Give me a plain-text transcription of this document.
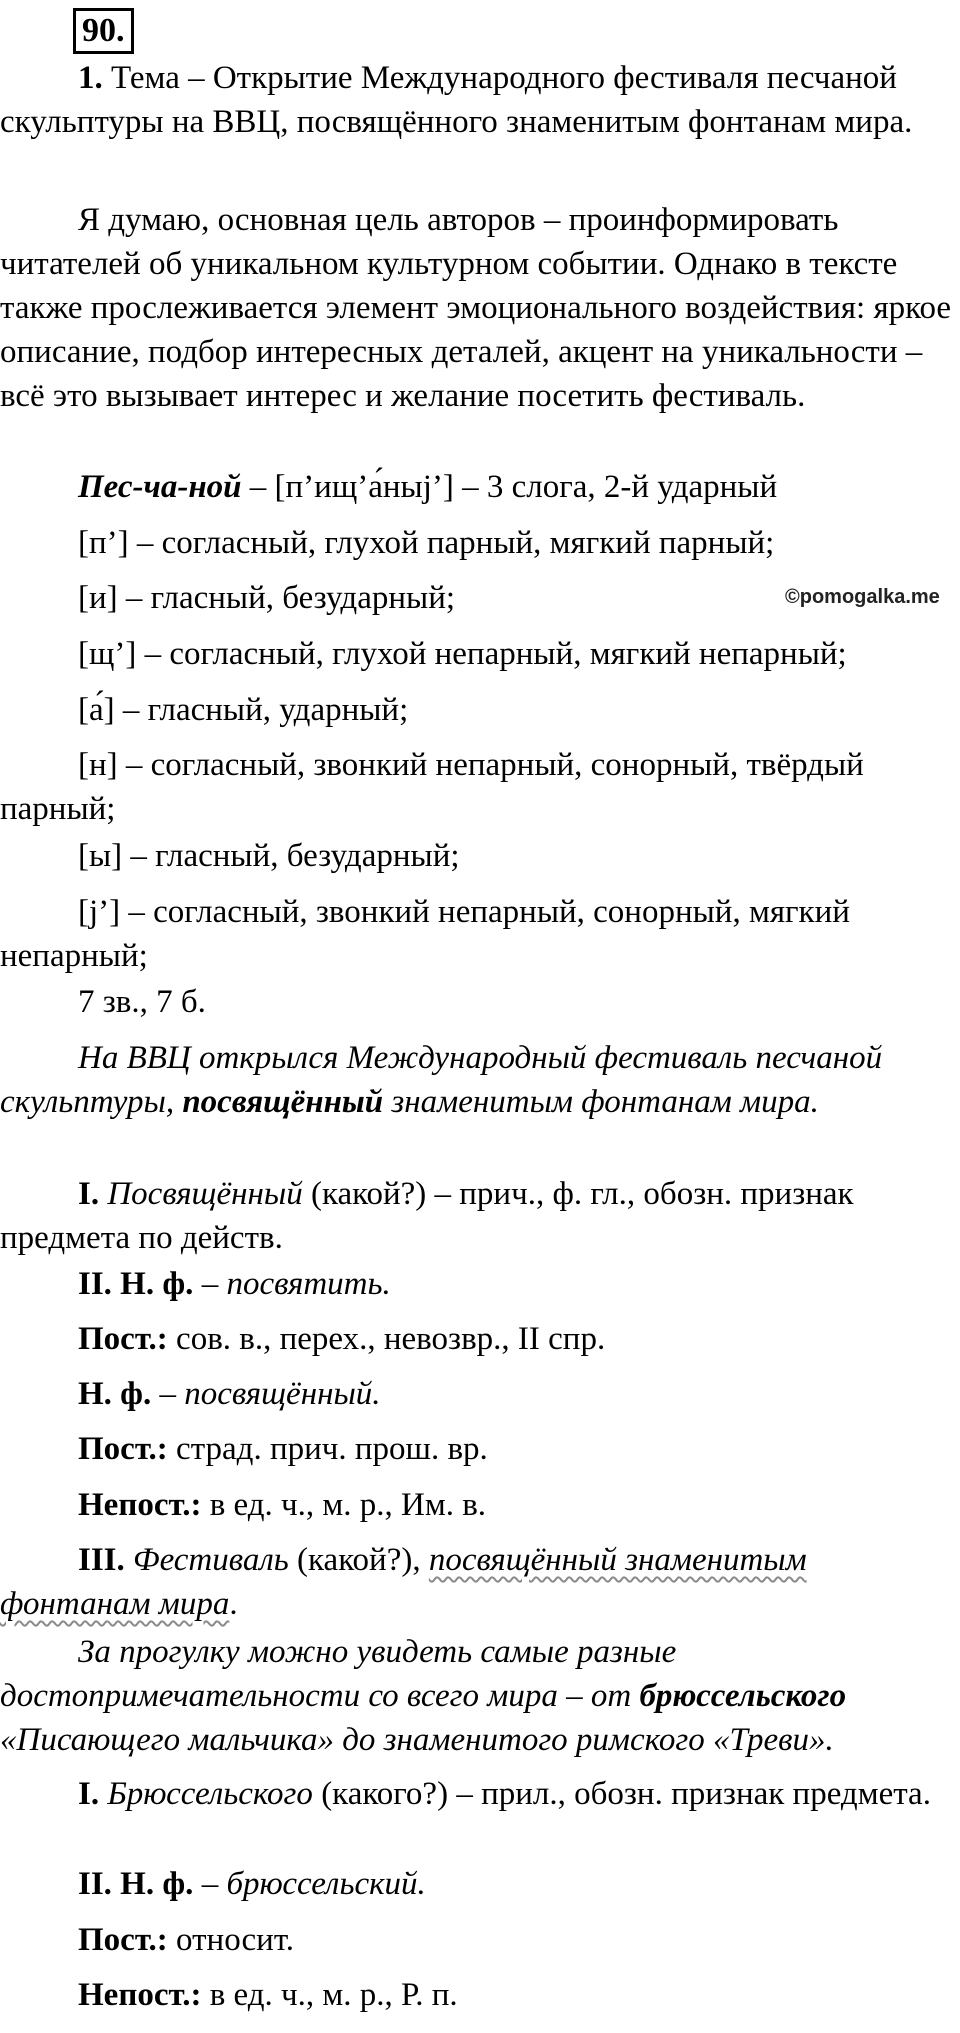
90.
©pomogalka.me

1. Тема – Открытие Международного фестиваля песчаной скульптуры на ВВЦ, посвящённого знаменитым фонтанам мира.

Я думаю, основная цель авторов – проинформировать читателей об уникальном культурном событии. Однако в тексте также прослеживается элемент эмоционального воздействия: яркое описание, подбор интересных деталей, акцент на уникальности – всё это вызывает интерес и желание посетить фестиваль.

Пес-ча-ной – [п’ищ’а́ныj’] – 3 слога, 2-й ударный

[п’] – согласный, глухой парный, мягкий парный;

[и] – гласный, безударный;

[щ’] – согласный, глухой непарный, мягкий непарный;

[а́] – гласный, ударный;

[н] – согласный, звонкий непарный, сонорный, твёрдый парный;

[ы] – гласный, безударный;

[j’] – согласный, звонкий непарный, сонорный, мягкий непарный;

7 зв., 7 б.

На ВВЦ открылся Международный фестиваль песчаной скульптуры, посвящённый знаменитым фонтанам мира.

I. Посвящённый (какой?) – прич., ф. гл., обозн. признак предмета по действ.

II. Н. ф. – посвятить.

Пост.: сов. в., перех., невозвр., II спр.

Н. ф. – посвящённый.

Пост.: страд. прич. прош. вр.

Непост.: в ед. ч., м. р., Им. в.

III. Фестиваль (какой?), посвящённый знаменитым фонтанам мира.

За прогулку можно увидеть самые разные достопримечательности со всего мира – от брюссельского «Писающего мальчика» до знаменитого римского «Треви».

I. Брюссельского (какого?) – прил., обозн. признак предмета.

II. Н. ф. – брюссельский.

Пост.: относит.

Непост.: в ед. ч., м. р., Р. п.
